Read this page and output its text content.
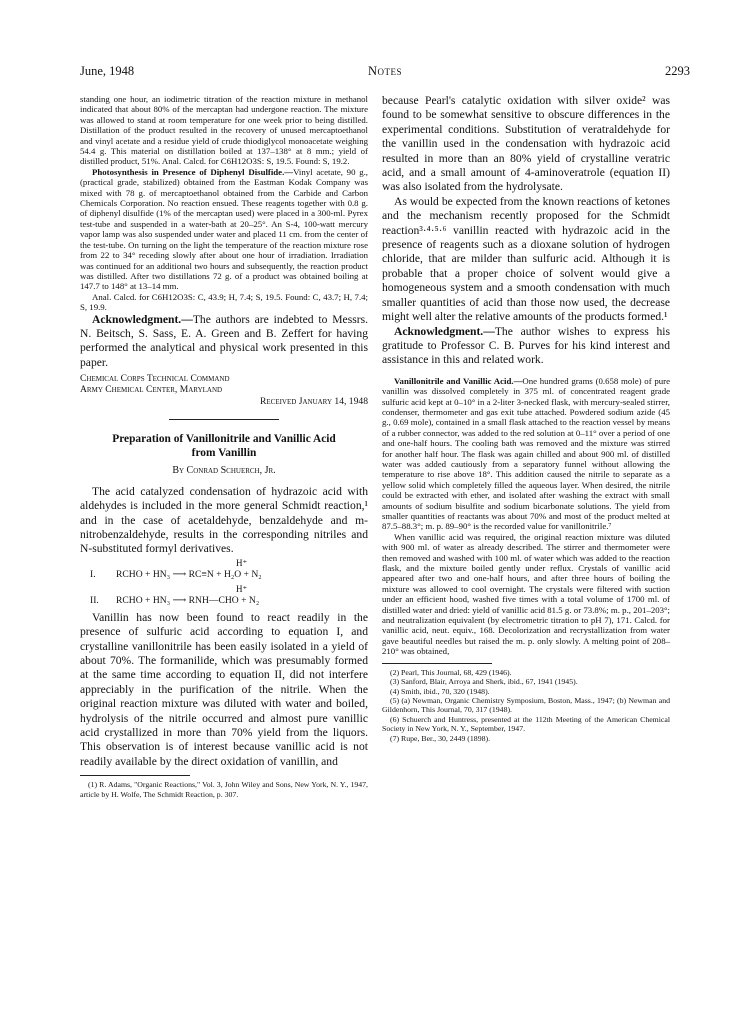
June, 1948	Notes	2293

standing one hour, an iodimetric titration of the reaction mixture in methanol indicated that about 80% of the mercaptan had undergone reaction. The mixture was allowed to stand at room temperature for one week prior to being distilled. Distillation of the product resulted in the recovery of unused mercaptoethanol and vinyl acetate and a residue yield of crude thiodiglycol monoacetate weighing 54.4 g. This material on distillation boiled at 137–138° at 8 mm.; yield of distilled product, 51%. Anal. Calcd. for C6H12O3S: S, 19.5. Found: S, 19.2.

Photosynthesis in Presence of Diphenyl Disulfide.—Vinyl acetate, 90 g., (practical grade, stabilized) obtained from the Eastman Kodak Company was mixed with 78 g. of mercaptoethanol obtained from the Carbide and Carbon Chemicals Corporation. No reaction ensued. These reagents together with 0.8 g. of diphenyl disulfide (1% of the mercaptan used) were placed in a 300-ml. Pyrex test-tube and suspended in a water-bath at 20–25°. An S-4, 100-watt mercury vapor lamp was also suspended under water and placed 11 cm. from the center of the test-tube. On turning on the light the temperature of the reaction mixture rose from 22 to 34° receding slowly after about one hour of irradiation. Irradiation was continued for an additional two hours and subsequently, the reaction product was distilled. After two distillations 72 g. of a product was obtained boiling at 147.7 to 148° at 13–14 mm.

Anal. Calcd. for C6H12O3S: C, 43.9; H, 7.4; S, 19.5. Found: C, 43.7; H, 7.4; S, 19.9.

Acknowledgment.—The authors are indebted to Messrs. N. Beitsch, S. Sass, E. A. Green and B. Zeffert for having performed the analytical and physical work presented in this paper.

Chemical Corps Technical Command
Army Chemical Center, Maryland
Received January 14, 1948
Preparation of Vanillonitrile and Vanillic Acid
from Vanillin
By Conrad Schuerch, Jr.

The acid catalyzed condensation of hydrazoic acid with aldehydes is included in the more general Schmidt reaction,¹ and in the case of acetaldehyde, benzaldehyde and m-nitrobenzaldehyde, results in the corresponding nitriles and N-substituted formyl derivatives.

H⁺
I. RCHO + HN₃ ⟶ RC≡N + H₂O + N₂
H⁺
II. RCHO + HN₃ ⟶ RNH—CHO + N₂

Vanillin has now been found to react readily in the presence of sulfuric acid according to equation I, and crystalline vanillonitrile has been easily isolated in a yield of about 70%. The formanilide, which was presumably formed at the same time according to equation II, did not interfere appreciably in the purification of the nitrile. When the original reaction mixture was diluted with water and boiled, hydrolysis of the nitrile occurred and almost pure vanillic acid crystallized in more than 70% yield from the liquors. This observation is of interest because vanillic acid is not readily available by the direct oxidation of vanillin, and

(1) R. Adams, "Organic Reactions," Vol. 3, John Wiley and Sons, New York, N. Y., 1947, article by H. Wolfe, The Schmidt Reaction, p. 307.

because Pearl's catalytic oxidation with silver oxide² was found to be somewhat sensitive to obscure differences in the experimental conditions. Substitution of veratraldehyde for the vanillin used in the condensation with hydrazoic acid resulted in more than an 80% yield of crystalline veratric acid, and a small amount of 4-aminoveratrole (equation II) was also isolated from the hydrolysate.

As would be expected from the known reactions of ketones and the mechanism recently proposed for the Schmidt reaction³·⁴·⁵·⁶ vanillin reacted with hydrazoic acid in the presence of reagents such as a dioxane solution of hydrogen chloride, that are milder than sulfuric acid. Although it is probable that a proper choice of solvent would give a homogeneous system and a smooth condensation with much smaller quantities of acid than those now used, the decrease might well alter the relative amounts of the products formed.¹

Acknowledgment.—The author wishes to express his gratitude to Professor C. B. Purves for his kind interest and assistance in this and related work.

Vanillonitrile and Vanillic Acid.—One hundred grams (0.658 mole) of pure vanillin was dissolved completely in 375 ml. of concentrated reagent grade sulfuric acid kept at 0–10° in a 2-liter 3-necked flask, with mercury-sealed stirrer, condenser, thermometer and gas exit tube attached. Powdered sodium azide (45 g., 0.69 mole), contained in a small flask attached to the reaction vessel by means of a rubber connector, was added to the red solution at 0–11° over a period of one and one-half hours. The cooling bath was removed and the mixture was stirred for another half hour. The flask was again chilled and about 900 ml. of distilled water was added cautiously from a separatory funnel without allowing the temperature to rise above 18°. This addition caused the nitrile to separate as a yellow solid which completely filled the aqueous layer. When desired, the nitrile could be extracted with ether, and isolated after washing the extract with small amounts of sodium bisulfite and sodium bicarbonate solutions. The yield from smaller quantities of reactants was about 70% and most of the product melted at 87.5–88.3°; m. p. 89–90° is the recorded value for vanillonitrile.⁷

When vanillic acid was required, the original reaction mixture was diluted with 900 ml. of water as already described. The stirrer and thermometer were then removed and washed with 100 ml. of water which was added to the reaction flask, and the mixture boiled gently under reflux. Crystals of vanillic acid appeared after two and one-half hours, and after three hours of boiling the mixture was allowed to cool overnight. The crystals were filtered with suction under an efficient hood, washed five times with a total volume of 1700 ml. of distilled water and dried: yield of vanillic acid 81.5 g. or 73.8%; m. p., 201–203°; and neutralization equivalent (by electrometric titration to pH 7), 171. Calcd. for vanillic acid, neut. equiv., 168. Decolorization and recrystallization from water gave beautiful needles but raised the m. p. only slowly. A melting point of 208–210° was obtained,

(2) Pearl, This Journal, 68, 429 (1946).

(3) Sanford, Blair, Arroya and Sherk, ibid., 67, 1941 (1945).

(4) Smith, ibid., 70, 320 (1948).

(5) (a) Newman, Organic Chemistry Symposium, Boston, Mass., 1947; (b) Newman and Gildenhorn, This Journal, 70, 317 (1948).

(6) Schuerch and Huntress, presented at the 112th Meeting of the American Chemical Society in New York, N. Y., September, 1947.

(7) Rupe, Ber., 30, 2449 (1898).
